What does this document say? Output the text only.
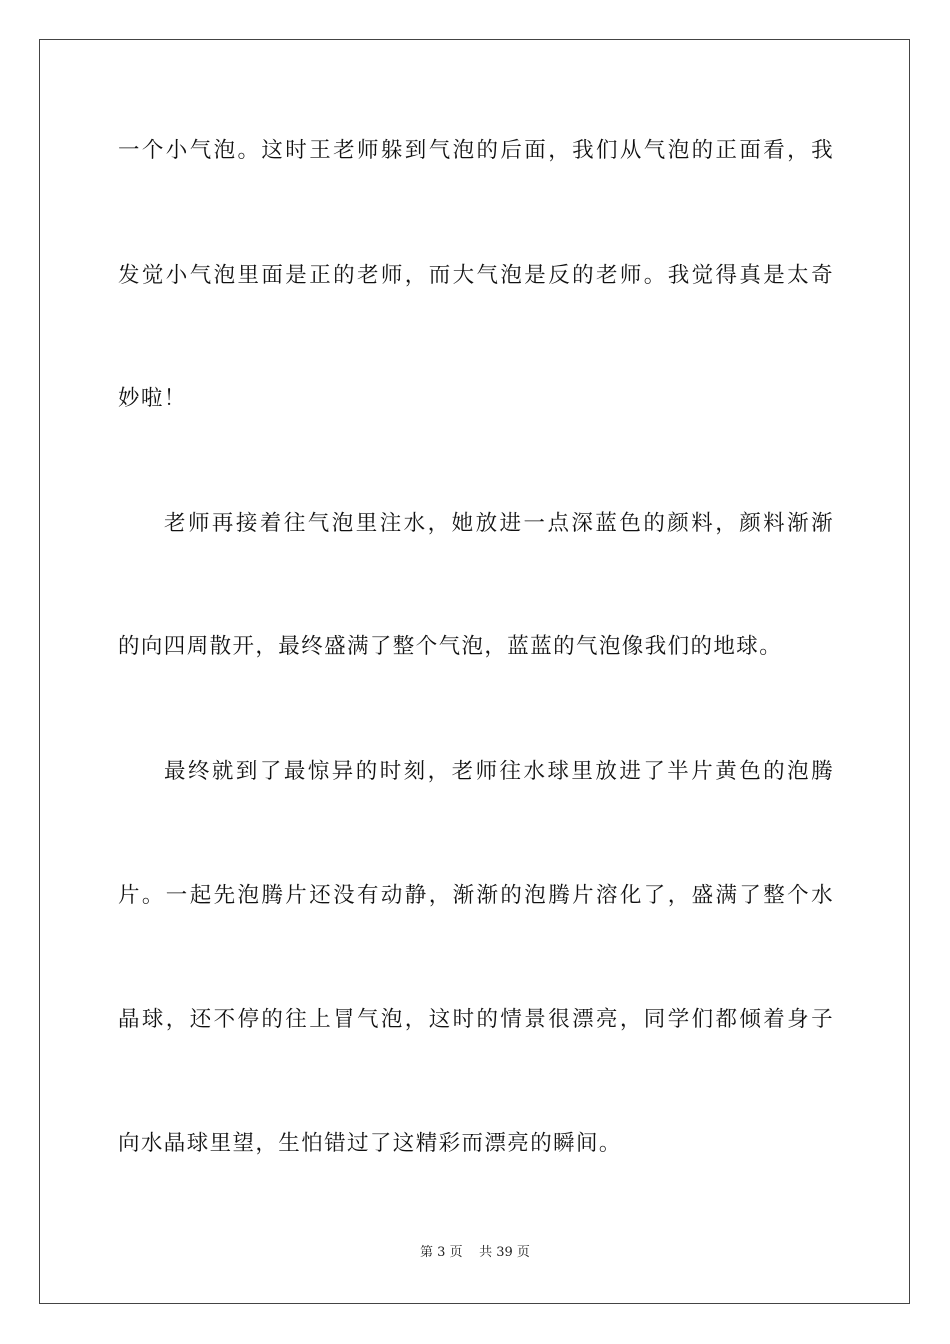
一个小气泡。这时王老师躲到气泡的后面，我们从气泡的正面看，我
发觉小气泡里面是正的老师，而大气泡是反的老师。我觉得真是太奇
妙啦！
老师再接着往气泡里注水，她放进一点深蓝色的颜料，颜料渐渐
的向四周散开，最终盛满了整个气泡，蓝蓝的气泡像我们的地球。
最终就到了最惊异的时刻，老师往水球里放进了半片黄色的泡腾
片。一起先泡腾片还没有动静，渐渐的泡腾片溶化了，盛满了整个水
晶球，还不停的往上冒气泡，这时的情景很漂亮，同学们都倾着身子
向水晶球里望，生怕错过了这精彩而漂亮的瞬间。
第 3 页 共 39 页
